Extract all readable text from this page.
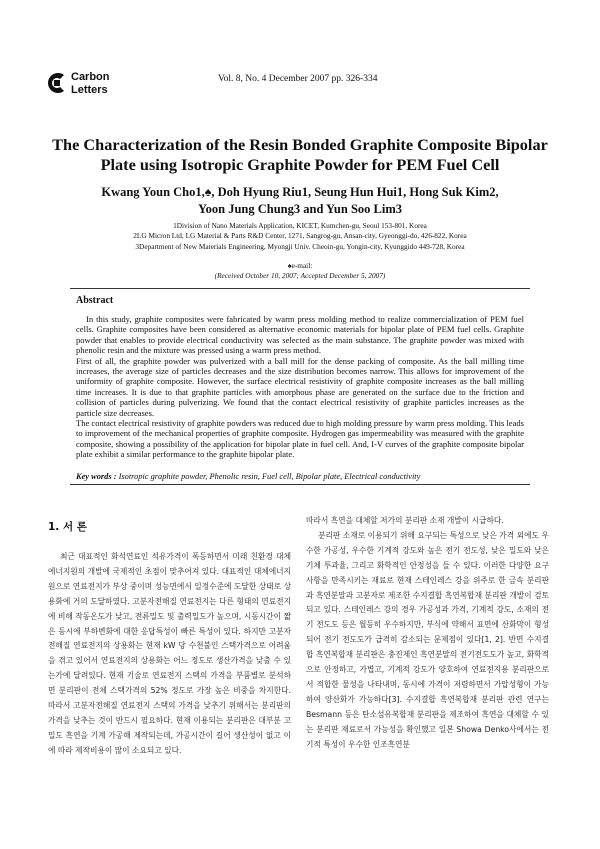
Carbon
Letters
Vol. 8, No. 4 December 2007 pp. 326-334
The Characterization of the Resin Bonded Graphite Composite Bipolar Plate using Isotropic Graphite Powder for PEM Fuel Cell
Kwang Youn Cho1,♠, Doh Hyung Riu1, Seung Hun Hui1, Hong Suk Kim2,
Yoon Jung Chung3 and Yun Soo Lim3
1Division of Nano Materials Application, KICET, Kumchen-gu, Seoul 153-801, Korea
2LG Micron Ltd, LG Material & Parts R&D Center, 1271, Sangrog-gu, Ansan-city, Gyeonggi-do, 426-822, Korea
3Department of New Materials Engineering, Myongji Univ. Cheoin-gu, Yongin-city, Kyunggido 449-728, Korea
♠e-mail:
(Received October 10, 2007; Accepted December 5, 2007)
Abstract

In this study, graphite composites were fabricated by warm press molding method to realize commercialization of PEM fuel cells. Graphite composites have been considered as alternative economic materials for bipolar plate of PEM fuel cells. Graphite powder that enables to provide electrical conductivity was selected as the main substance. The graphite powder was mixed with phenolic resin and the mixture was pressed using a warm press method.

First of all, the graphite powder was pulverized with a ball mill for the dense packing of composite. As the ball milling time increases, the average size of particles decreases and the size distribution becomes narrow. This allows for improvement of the uniformity of graphite composite. However, the surface electrical resistivity of graphite composite increases as the ball milling time increases. It is due to that graphite particles with amorphous phase are generated on the surface due to the friction and collision of particles during pulverizing. We found that the contact electrical resistivity of graphite particles increases as the particle size decreases.

The contact electrical resistivity of graphite powders was reduced due to high molding pressure by warm press molding. This leads to improvement of the mechanical properties of graphite composite. Hydrogen gas impermeability was measured with the graphite composite, showing a possibility of the application for bipolar plate in fuel cell. And, I-V curves of the graphite composite bipolar plate exhibit a similar performance to the graphite bipolar plate.

Key words : Isotropic graphite powder, Phenolic resin, Fuel cell, Bipolar plate, Electrical conductivity
1. 서 론

최근 대표적인 화석연료인 석유가격이 폭등하면서 미래 친환경 대체에너지원의 개발에 국제적인 초점이 맞추어져 있다. 대표적인 대체에너지원으로 연료전지가 부상 중이며 성능면에서 일정수준에 도달한 상태로 상용화에 거의 도달하였다. 고분자전해질 연료전지는 다른 형태의 연료전지에 비해 작동온도가 낮고, 전류밀도 및 출력밀도가 높으며, 시동시간이 짧은 동시에 부하변화에 대한 응답특성이 빠른 특성이 있다. 하지만 고분자 전해질 연료전지의 상용화는 현재 kW 당 수천불인 스택가격으로 어려움을 겪고 있어서 연료전지의 상용화는 어느 정도로 생산가격을 낮출 수 있는가에 달려있다. 현재 기술로 연료전지 스택의 가격을 부품별로 분석하면 분리판이 전체 스택가격의 52% 정도로 가장 높은 비중을 차지한다. 따라서 고분자전해질 연료전지 스택의 가격을 낮추기 위해서는 분리판의 가격을 낮추는 것이 반드시 필요하다. 현재 이용되는 분리판은 대부분 고밀도 흑연을 기계 가공해 제작되는데, 가공시간이 길어 생산성이 없고 이에 따라 제작비용이 많이 소요되고 있다.

따라서 흑연을 대체할 저가의 분리판 소재 개발이 시급하다.

분리판 소재로 이용되기 위해 요구되는 특성으로 낮은 가격 외에도 우수한 가공성, 우수한 기계적 강도와 높은 전기 전도성, 낮은 밀도와 낮은 기체 투과율, 그리고 화학적인 안정성을 들 수 있다. 이러한 다양한 요구사항을 만족시키는 재료로 현재 스테인레스 강을 위주로 한 금속 분리판과 흑연분말과 고분자로 제조한 수지결합 흑연복합재 분리판 개발이 검토되고 있다. 스테인레스 강의 경우 가공성과 가격, 기계적 강도, 소재의 전기 전도도 등은 월등히 우수하지만, 부식에 약해서 표면에 산화막이 형성되어 전기 전도도가 급격히 감소되는 문제점이 있다[1, 2]. 반면 수지결합 흑연복합재 분리판은 충진제인 흑연분말의 전기전도도가 높고, 화학적으로 안정하고, 가볍고, 기계적 강도가 양호하여 연료전지용 분리판으로서 적합한 물성을 나타내며, 동시에 가격이 저렴하면서 가압성형이 가능하여 양산화가 가능하다[3]. 수지결합 흑연복합재 분리판 관련 연구는 Besmann 등은 탄소섬유복합재 분리판을 제조하여 흑연을 대체할 수 있는 분리판 재료로서 가능성을 확인했고 일본 Showa Denko사에서는 전기적 특성이 우수한 인조흑연분
